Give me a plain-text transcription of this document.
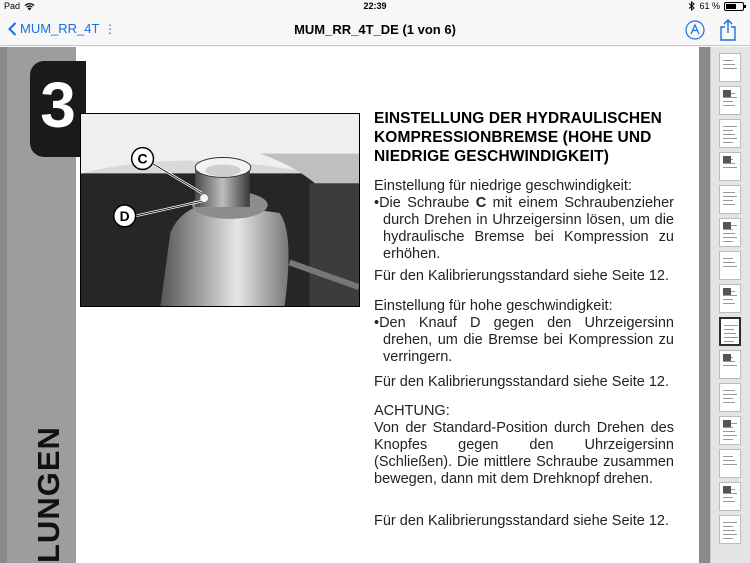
Pad	22:39	61 %
MUM_RR_4T ⋮	MUM_RR_4T_DE (1 von 6)
3
LUNGEN
C
D
EINSTELLUNG DER HYDRAULISCHEN KOMPRESSIONBREMSE (HOHE UND NIEDRIGE GESCHWINDIGKEIT)
Einstellung für niedrige geschwindigkeit:
•Die Schraube C mit einem Schraubenzieher durch Drehen in Uhrzeigersinn lösen, um die hydraulische Bremse bei Kompression zu erhöhen.
Für den Kalibrierungsstandard siehe Seite 12.
Einstellung für hohe geschwindigkeit:
•Den Knauf D gegen den Uhrzeigersinn drehen, um die Bremse bei Kompression zu verringern.
Für den Kalibrierungsstandard siehe Seite 12.
ACHTUNG:
Von der Standard-Position durch Drehen des Knopfes gegen den Uhrzeigersinn (Schließen). Die mittlere Schraube zusammen bewegen, dann mit dem Drehknopf drehen.
Für den Kalibrierungsstandard siehe Seite 12.
